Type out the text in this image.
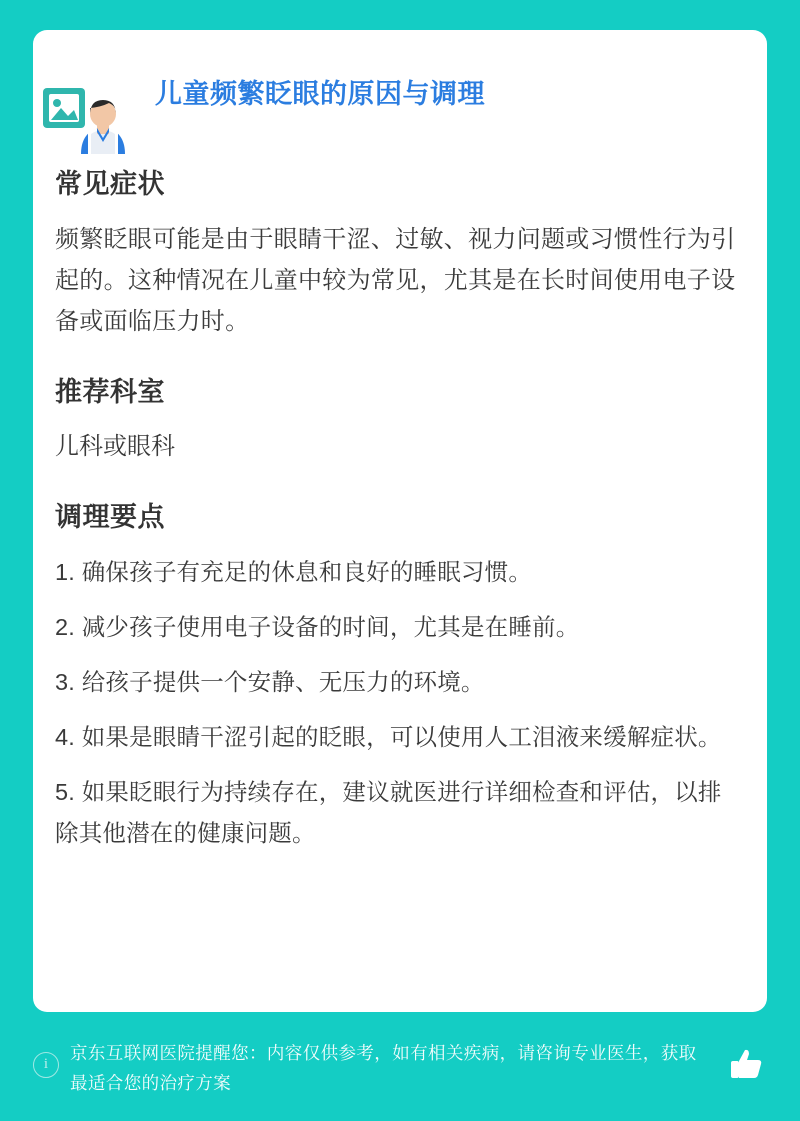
儿童频繁眨眼的原因与调理
常见症状

频繁眨眼可能是由于眼睛干涩、过敏、视力问题或习惯性行为引起的。这种情况在儿童中较为常见，尤其是在长时间使用电子设备或面临压力时。

推荐科室

儿科或眼科

调理要点
1. 确保孩子有充足的休息和良好的睡眠习惯。
2. 减少孩子使用电子设备的时间，尤其是在睡前。
3. 给孩子提供一个安静、无压力的环境。
4. 如果是眼睛干涩引起的眨眼，可以使用人工泪液来缓解症状。
5. 如果眨眼行为持续存在，建议就医进行详细检查和评估，以排除其他潜在的健康问题。
i
京东互联网医院提醒您：内容仅供参考，如有相关疾病，请咨询专业医生，获取最适合您的治疗方案
